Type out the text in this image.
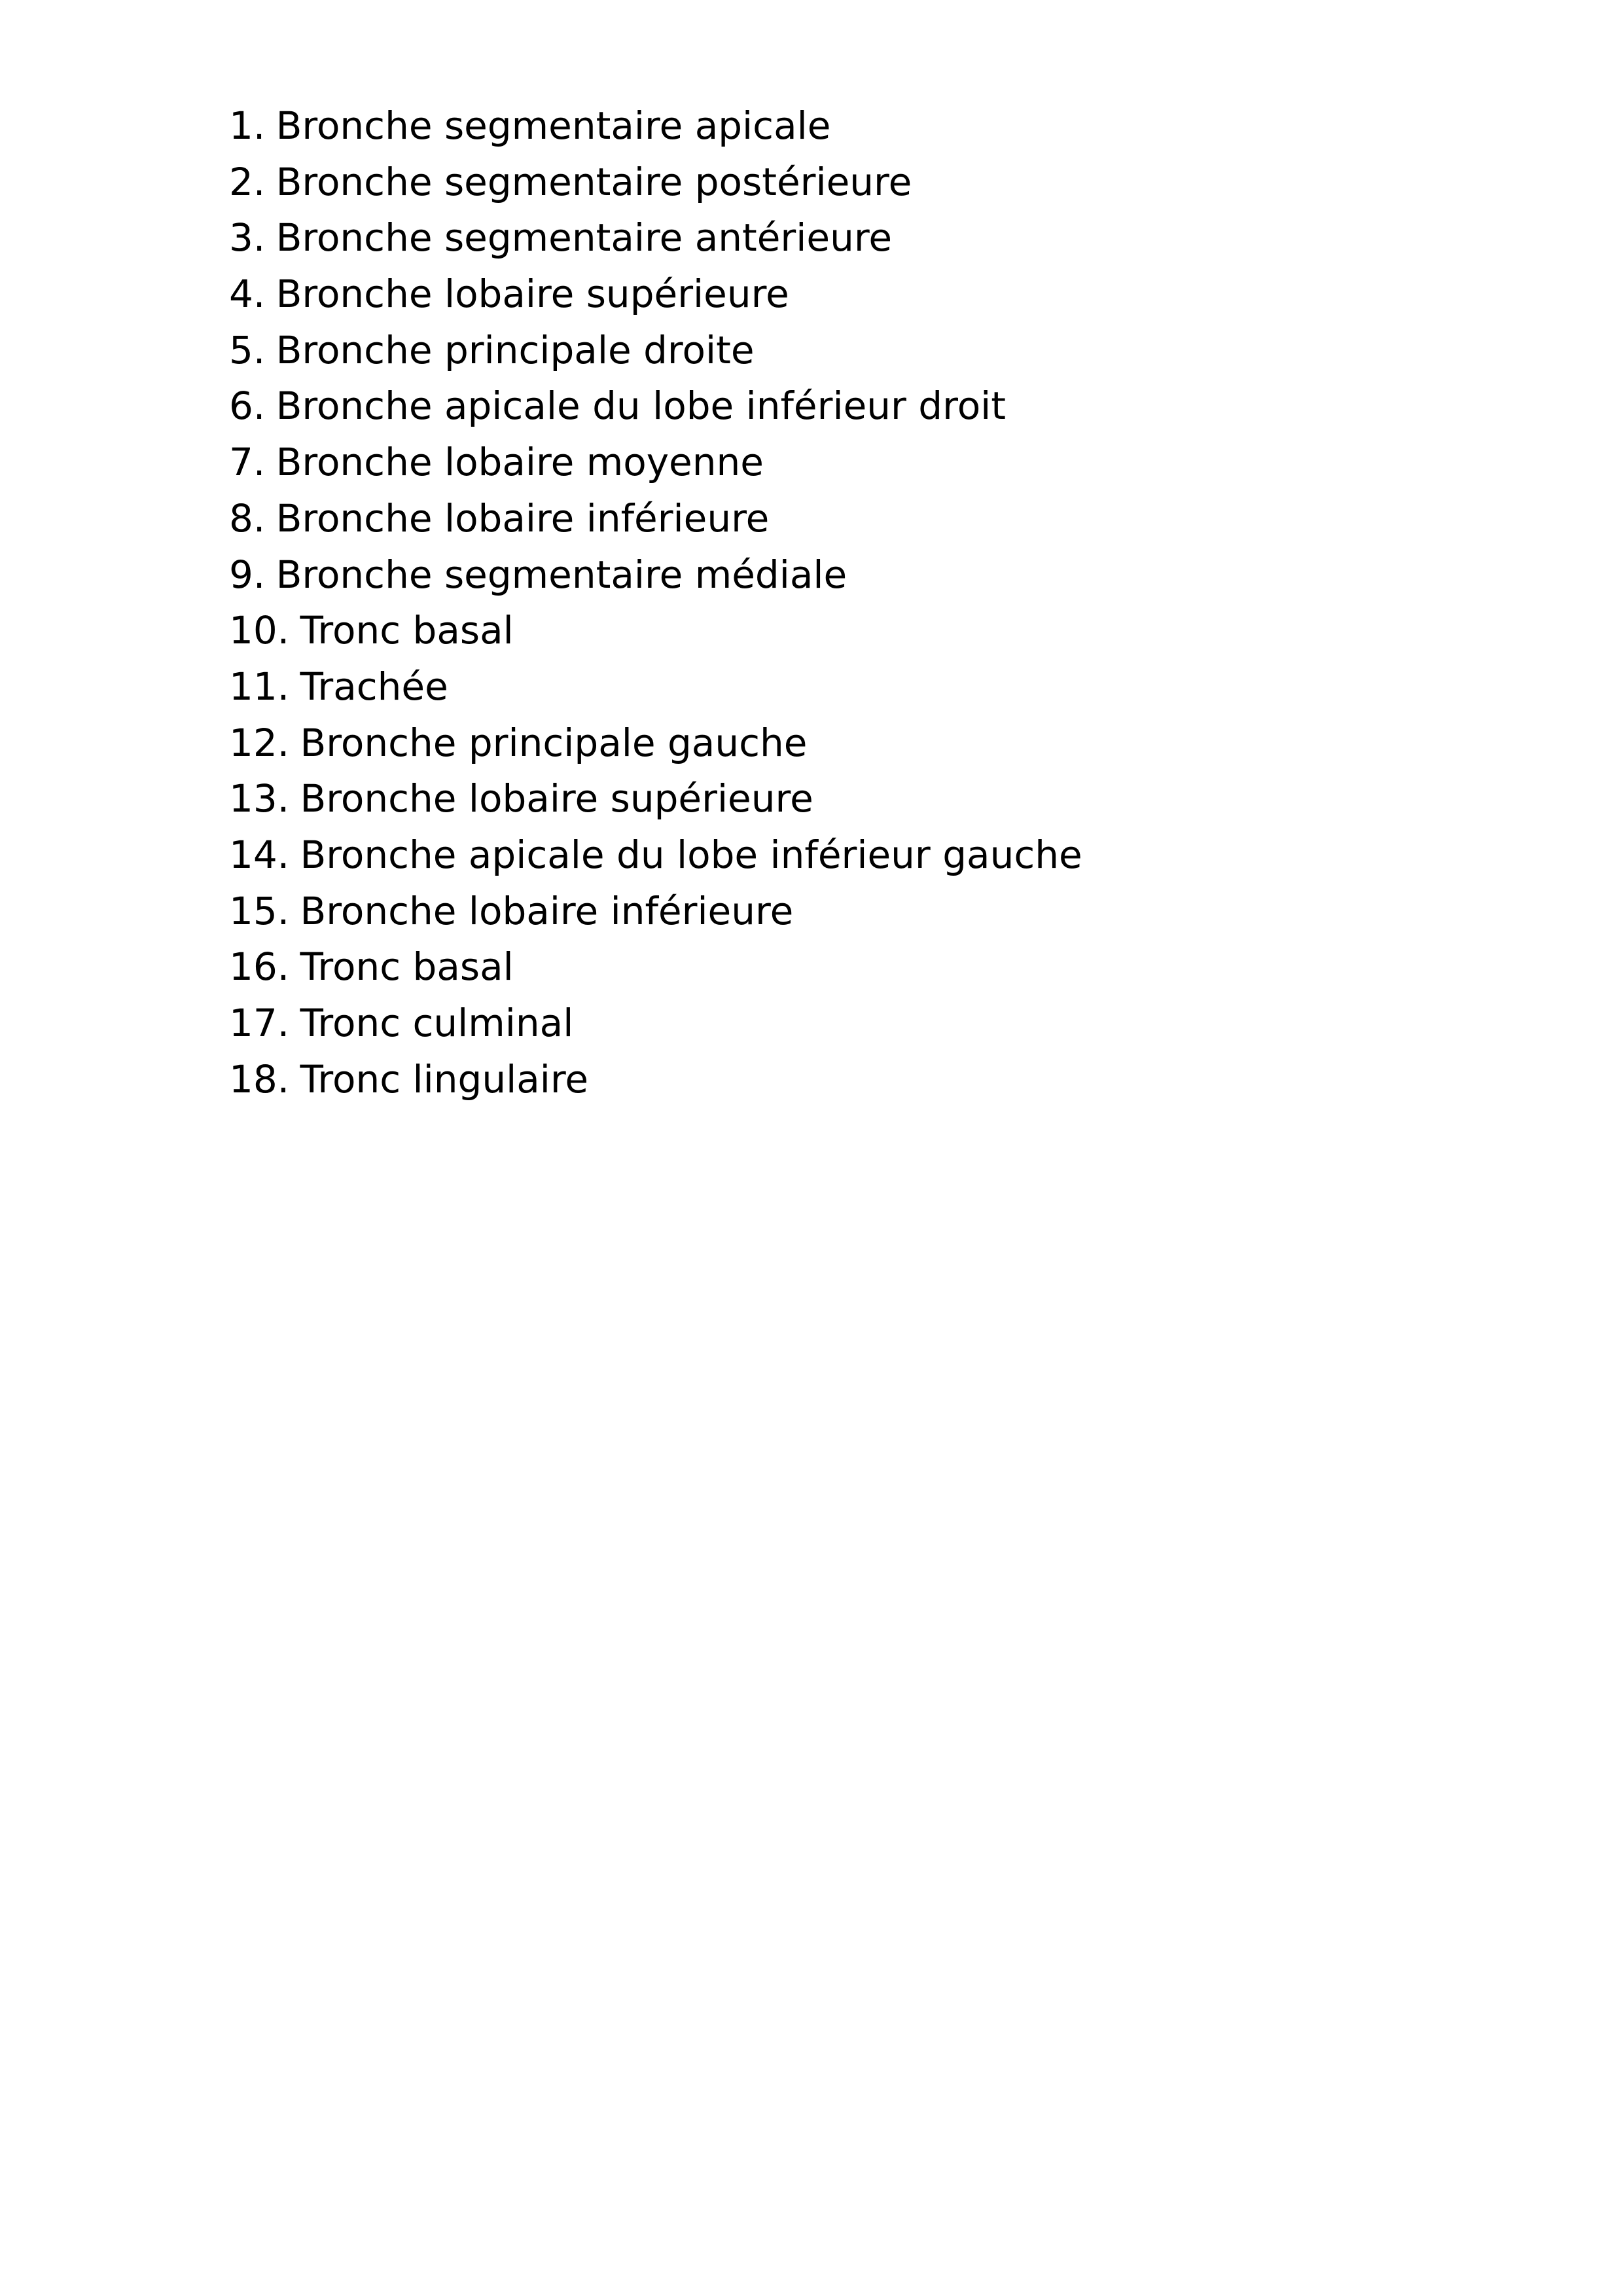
1. Bronche segmentaire apicale
2. Bronche segmentaire postérieure
3. Bronche segmentaire antérieure
4. Bronche lobaire supérieure
5. Bronche principale droite
6. Bronche apicale du lobe inférieur droit
7. Bronche lobaire moyenne
8. Bronche lobaire inférieure
9. Bronche segmentaire médiale
10. Tronc basal
11. Trachée
12. Bronche principale gauche
13. Bronche lobaire supérieure
14. Bronche apicale du lobe inférieur gauche
15. Bronche lobaire inférieure
16. Tronc basal
17. Tronc culminal
18. Tronc lingulaire
